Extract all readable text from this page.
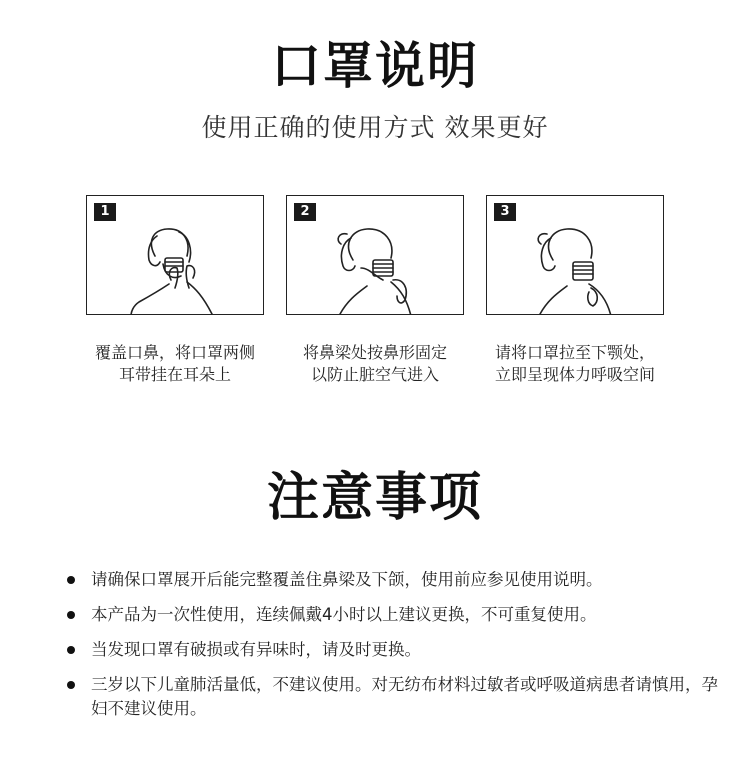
口罩说明
使用正确的使用方式 效果更好
1	2	3
覆盖口鼻，将口罩两侧
耳带挂在耳朵上
将鼻梁处按鼻形固定
以防止脏空气进入
请将口罩拉至下颚处，
立即呈现体力呼吸空间
注意事项
请确保口罩展开后能完整覆盖住鼻梁及下颌，使用前应参见使用说明。
本产品为一次性使用，连续佩戴4小时以上建议更换，不可重复使用。
当发现口罩有破损或有异味时，请及时更换。
三岁以下儿童肺活量低，不建议使用。对无纺布材料过敏者或呼吸道病患者请慎用，孕妇不建议使用。
